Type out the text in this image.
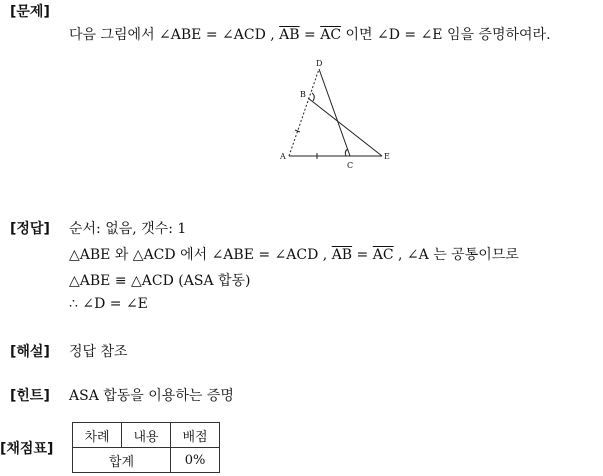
[문제]
다음 그림에서 ∠ABE = ∠ACD , $\overline{AB} = \overline{AC}$ 이면 ∠D = ∠E 임을 증명하여라.
D
B
A
C
E
[정답] 순서: 없음, 갯수: 1
△ABE 와 △ACD 에서 ∠ABE = ∠ACD , $\overline{AB} = \overline{AC}$ , ∠A 는 공통이므로
△ABE ≡ △ACD (ASA 합동)
∴ ∠D = ∠E
[해설] 정답 참조
[힌트] ASA 합동을 이용하는 증명
[채점표]
차례	내용	배점
합계		0%
